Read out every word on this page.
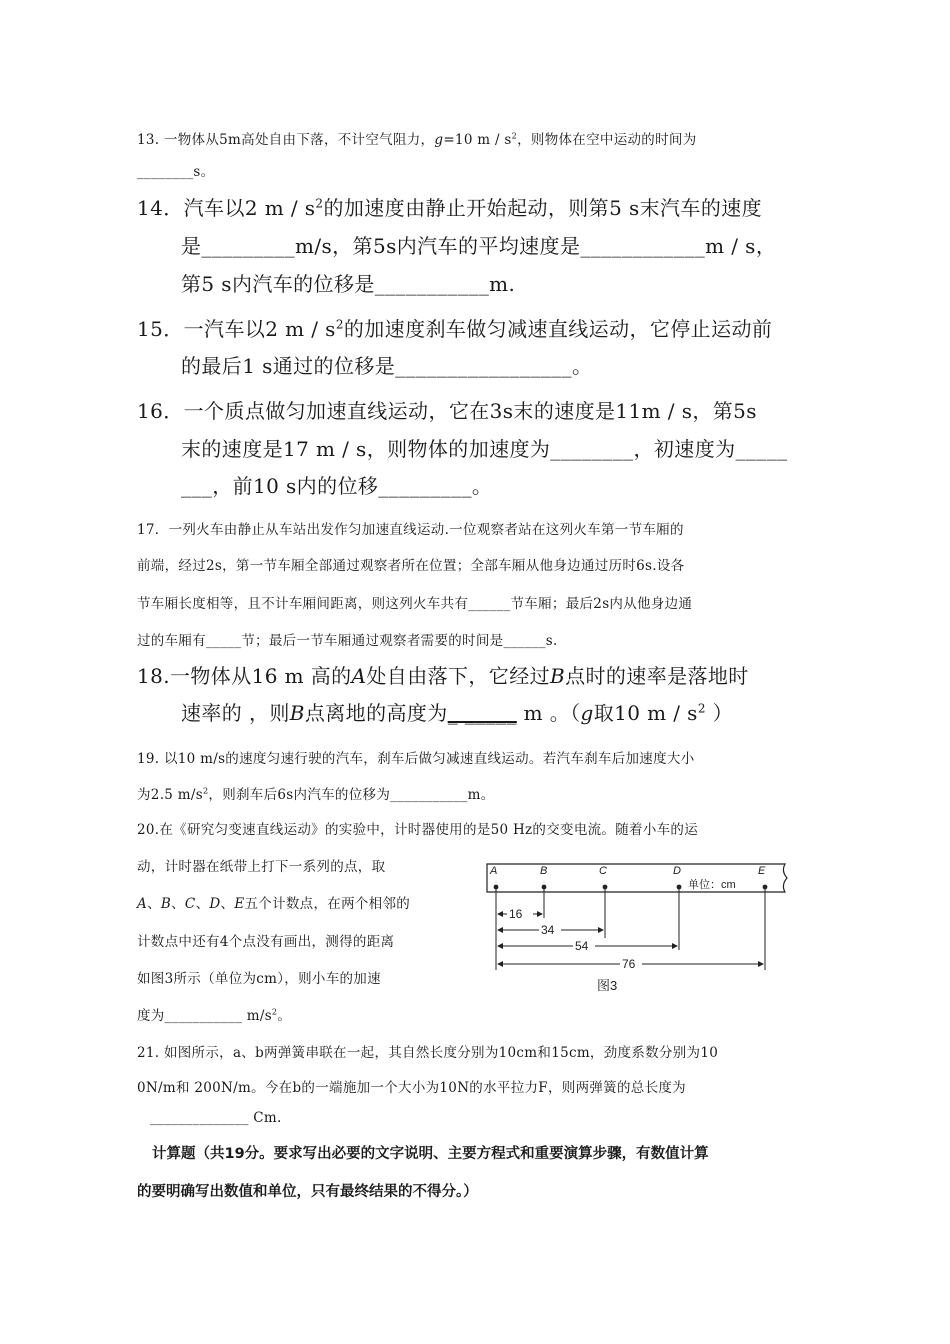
13. 一物体从5m高处自由下落，不计空气阻力，g=10 m / $s^2$，则物体在空中运动的时间为

________s。

14．汽车以2 m / $s^2$的加速度由静止开始起动，则第5 s末汽车的速度

是_________m/s，第5s内汽车的平均速度是____________m / s，

第5 s内汽车的位移是___________m.

15．一汽车以2 m / $s^2$的加速度刹车做匀减速直线运动，它停止运动前

的最后1 s通过的位移是_________________。

16．一个质点做匀加速直线运动，它在3s末的速度是11m / s，第5s

末的速度是17 m / s，则物体的加速度为________，初速度为_____

___，前10 s内的位移_________。

17．一列火车由静止从车站出发作匀加速直线运动.一位观察者站在这列火车第一节车厢的

前端，经过2s，第一节车厢全部通过观察者所在位置；全部车厢从他身边通过历时6s.设各

节车厢长度相等，且不计车厢间距离，则这列火车共有______节车厢；最后2s内从他身边通

过的车厢有_____节；最后一节车厢通过观察者需要的时间是______s.

18.一物体从16 m 高的A处自由落下，它经过B点时的速率是落地时

速率的 ，则B点离地的高度为_ _____ m 。（g取10 m / $s^2$ ）

19. 以10 m/s的速度匀速行驶的汽车，刹车后做匀减速直线运动。若汽车刹车后加速度大小

为2.5 $m/s^2$，则刹车后6s内汽车的位移为___________m。

20.在《研究匀变速直线运动》的实验中，计时器使用的是50 Hz的交变电流。随着小车的运

动，计时器在纸带上打下一系列的点，取

A、B、C、D、E五个计数点，在两个相邻的

计数点中还有4个点没有画出，测得的距离

如图3所示（单位为cm），则小车的加速

度为___________ $m/s^2$。

A	B	C	D	E
单位：cm
16
34
54
76
图3

21. 如图所示，a、b两弹簧串联在一起，其自然长度分别为10cm和15cm，劲度系数分别为10

0N/m和 200N/m。今在b的一端施加一个大小为10N的水平拉力F，则两弹簧的总长度为

______________ Cm.

计算题（共19分。要求写出必要的文字说明、主要方程式和重要演算步骤，有数值计算

的要明确写出数值和单位，只有最终结果的不得分。）
